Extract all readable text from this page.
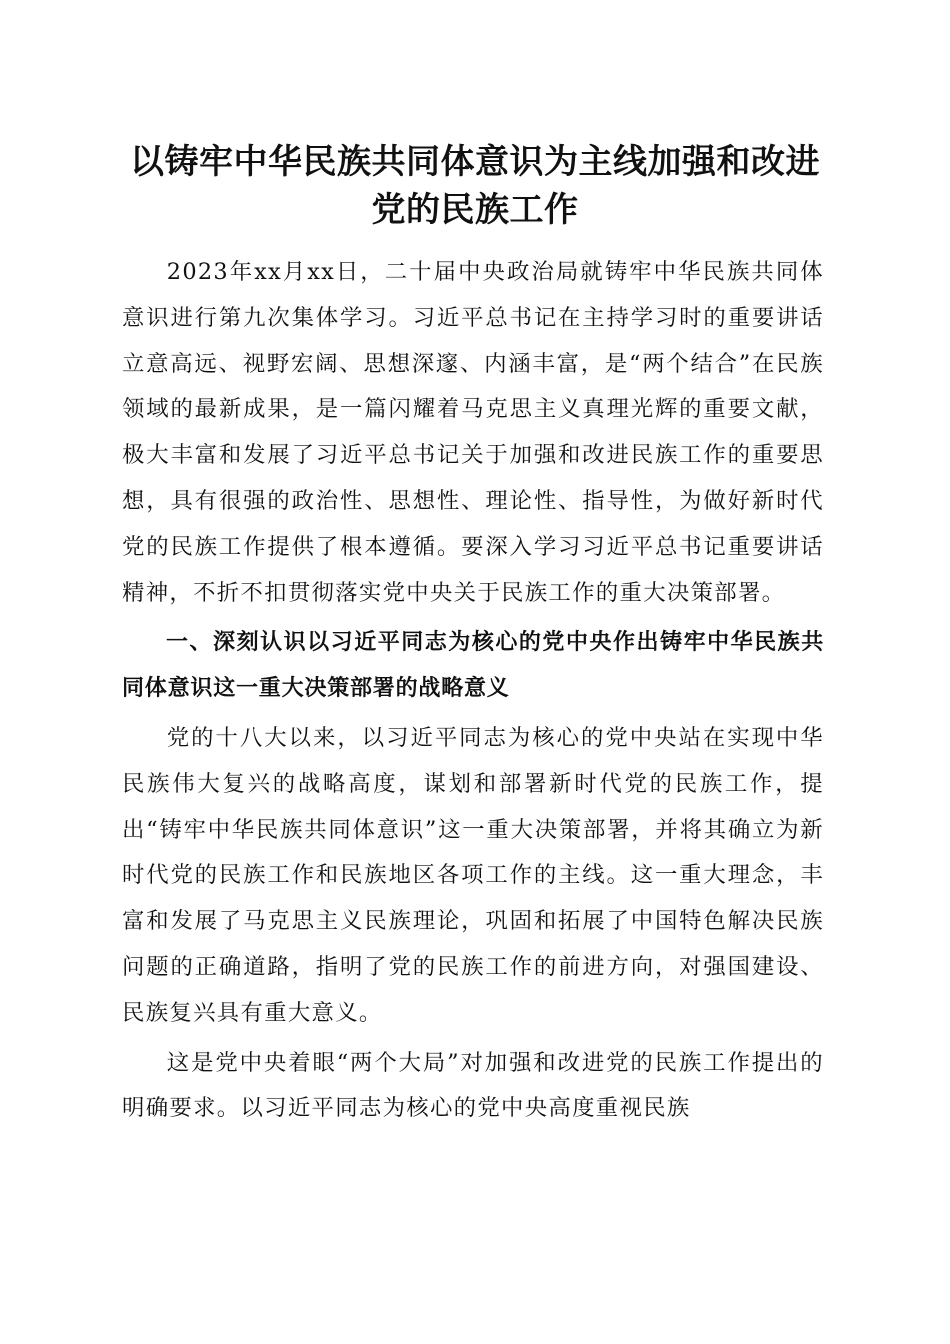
以铸牢中华民族共同体意识为主线加强和改进
党的民族工作

2023年xx月xx日，二十届中央政治局就铸牢中华民族共同体意识进行第九次集体学习。习近平总书记在主持学习时的重要讲话立意高远、视野宏阔、思想深邃、内涵丰富，是“两个结合”在民族领域的最新成果，是一篇闪耀着马克思主义真理光辉的重要文献，极大丰富和发展了习近平总书记关于加强和改进民族工作的重要思想，具有很强的政治性、思想性、理论性、指导性，为做好新时代党的民族工作提供了根本遵循。要深入学习习近平总书记重要讲话精神，不折不扣贯彻落实党中央关于民族工作的重大决策部署。

一、深刻认识以习近平同志为核心的党中央作出铸牢中华民族共同体意识这一重大决策部署的战略意义

党的十八大以来，以习近平同志为核心的党中央站在实现中华民族伟大复兴的战略高度，谋划和部署新时代党的民族工作，提出“铸牢中华民族共同体意识”这一重大决策部署，并将其确立为新时代党的民族工作和民族地区各项工作的主线。这一重大理念，丰富和发展了马克思主义民族理论，巩固和拓展了中国特色解决民族问题的正确道路，指明了党的民族工作的前进方向，对强国建设、民族复兴具有重大意义。

这是党中央着眼“两个大局”对加强和改进党的民族工作提出的明确要求。以习近平同志为核心的党中央高度重视民族
